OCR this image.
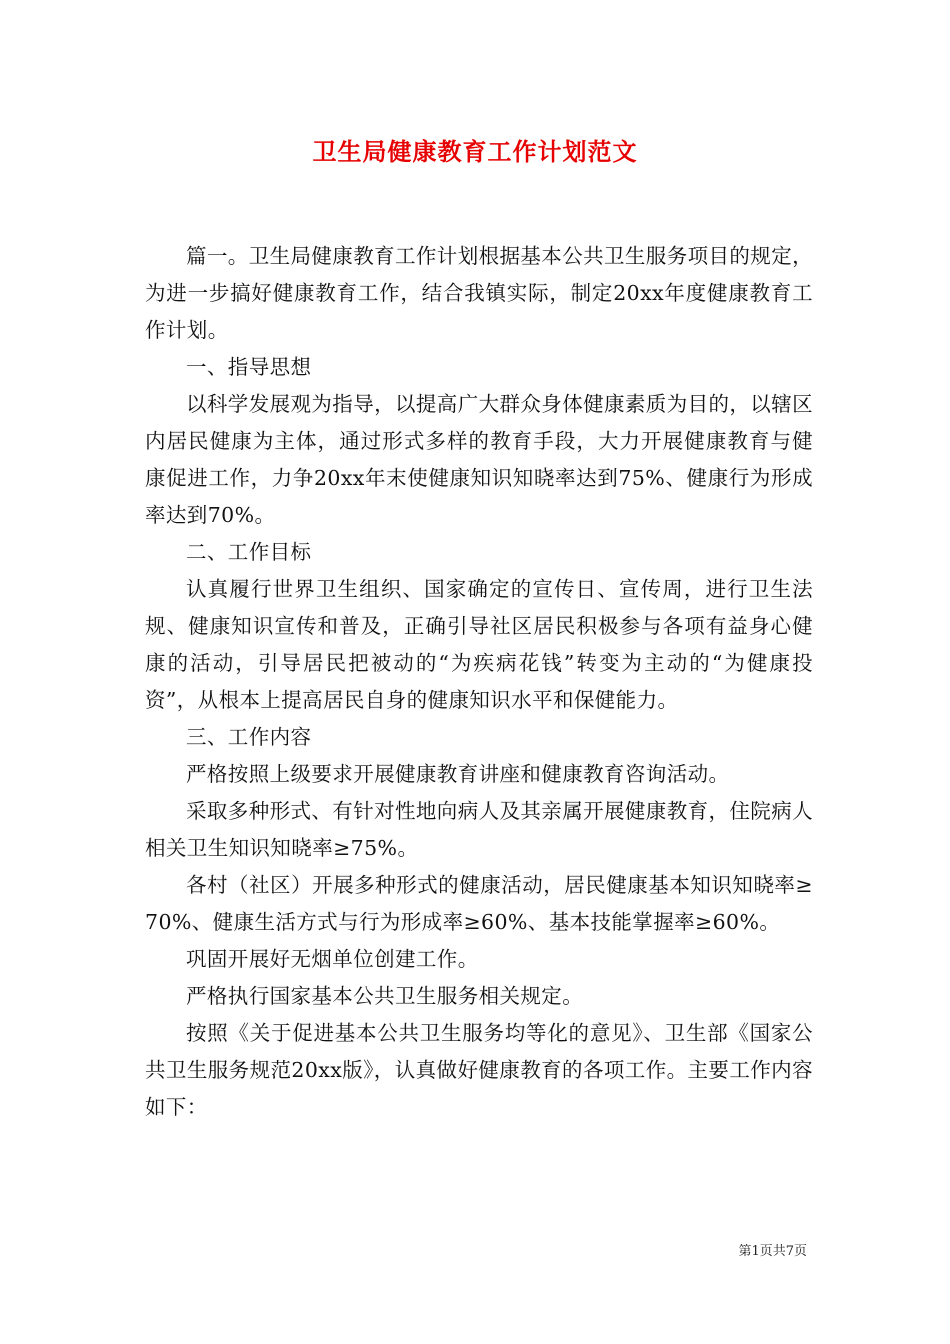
卫生局健康教育工作计划范文

篇一。卫生局健康教育工作计划根据基本公共卫生服务项目的规定，为进一步搞好健康教育工作，结合我镇实际，制定20xx年度健康教育工作计划。

一、指导思想

以科学发展观为指导，以提高广大群众身体健康素质为目的，以辖区内居民健康为主体，通过形式多样的教育手段，大力开展健康教育与健康促进工作，力争20xx年末使健康知识知晓率达到75%、健康行为形成率达到70%。

二、工作目标

认真履行世界卫生组织、国家确定的宣传日、宣传周，进行卫生法规、健康知识宣传和普及，正确引导社区居民积极参与各项有益身心健康的活动，引导居民把被动的“为疾病花钱”转变为主动的“为健康投资”，从根本上提高居民自身的健康知识水平和保健能力。

三、工作内容

严格按照上级要求开展健康教育讲座和健康教育咨询活动。

采取多种形式、有针对性地向病人及其亲属开展健康教育，住院病人相关卫生知识知晓率≥75%。

各村（社区）开展多种形式的健康活动，居民健康基本知识知晓率≥70%、健康生活方式与行为形成率≥60%、基本技能掌握率≥60%。

巩固开展好无烟单位创建工作。

严格执行国家基本公共卫生服务相关规定。

按照《关于促进基本公共卫生服务均等化的意见》、卫生部《国家公共卫生服务规范20xx版》，认真做好健康教育的各项工作。主要工作内容如下：

第1页共7页
